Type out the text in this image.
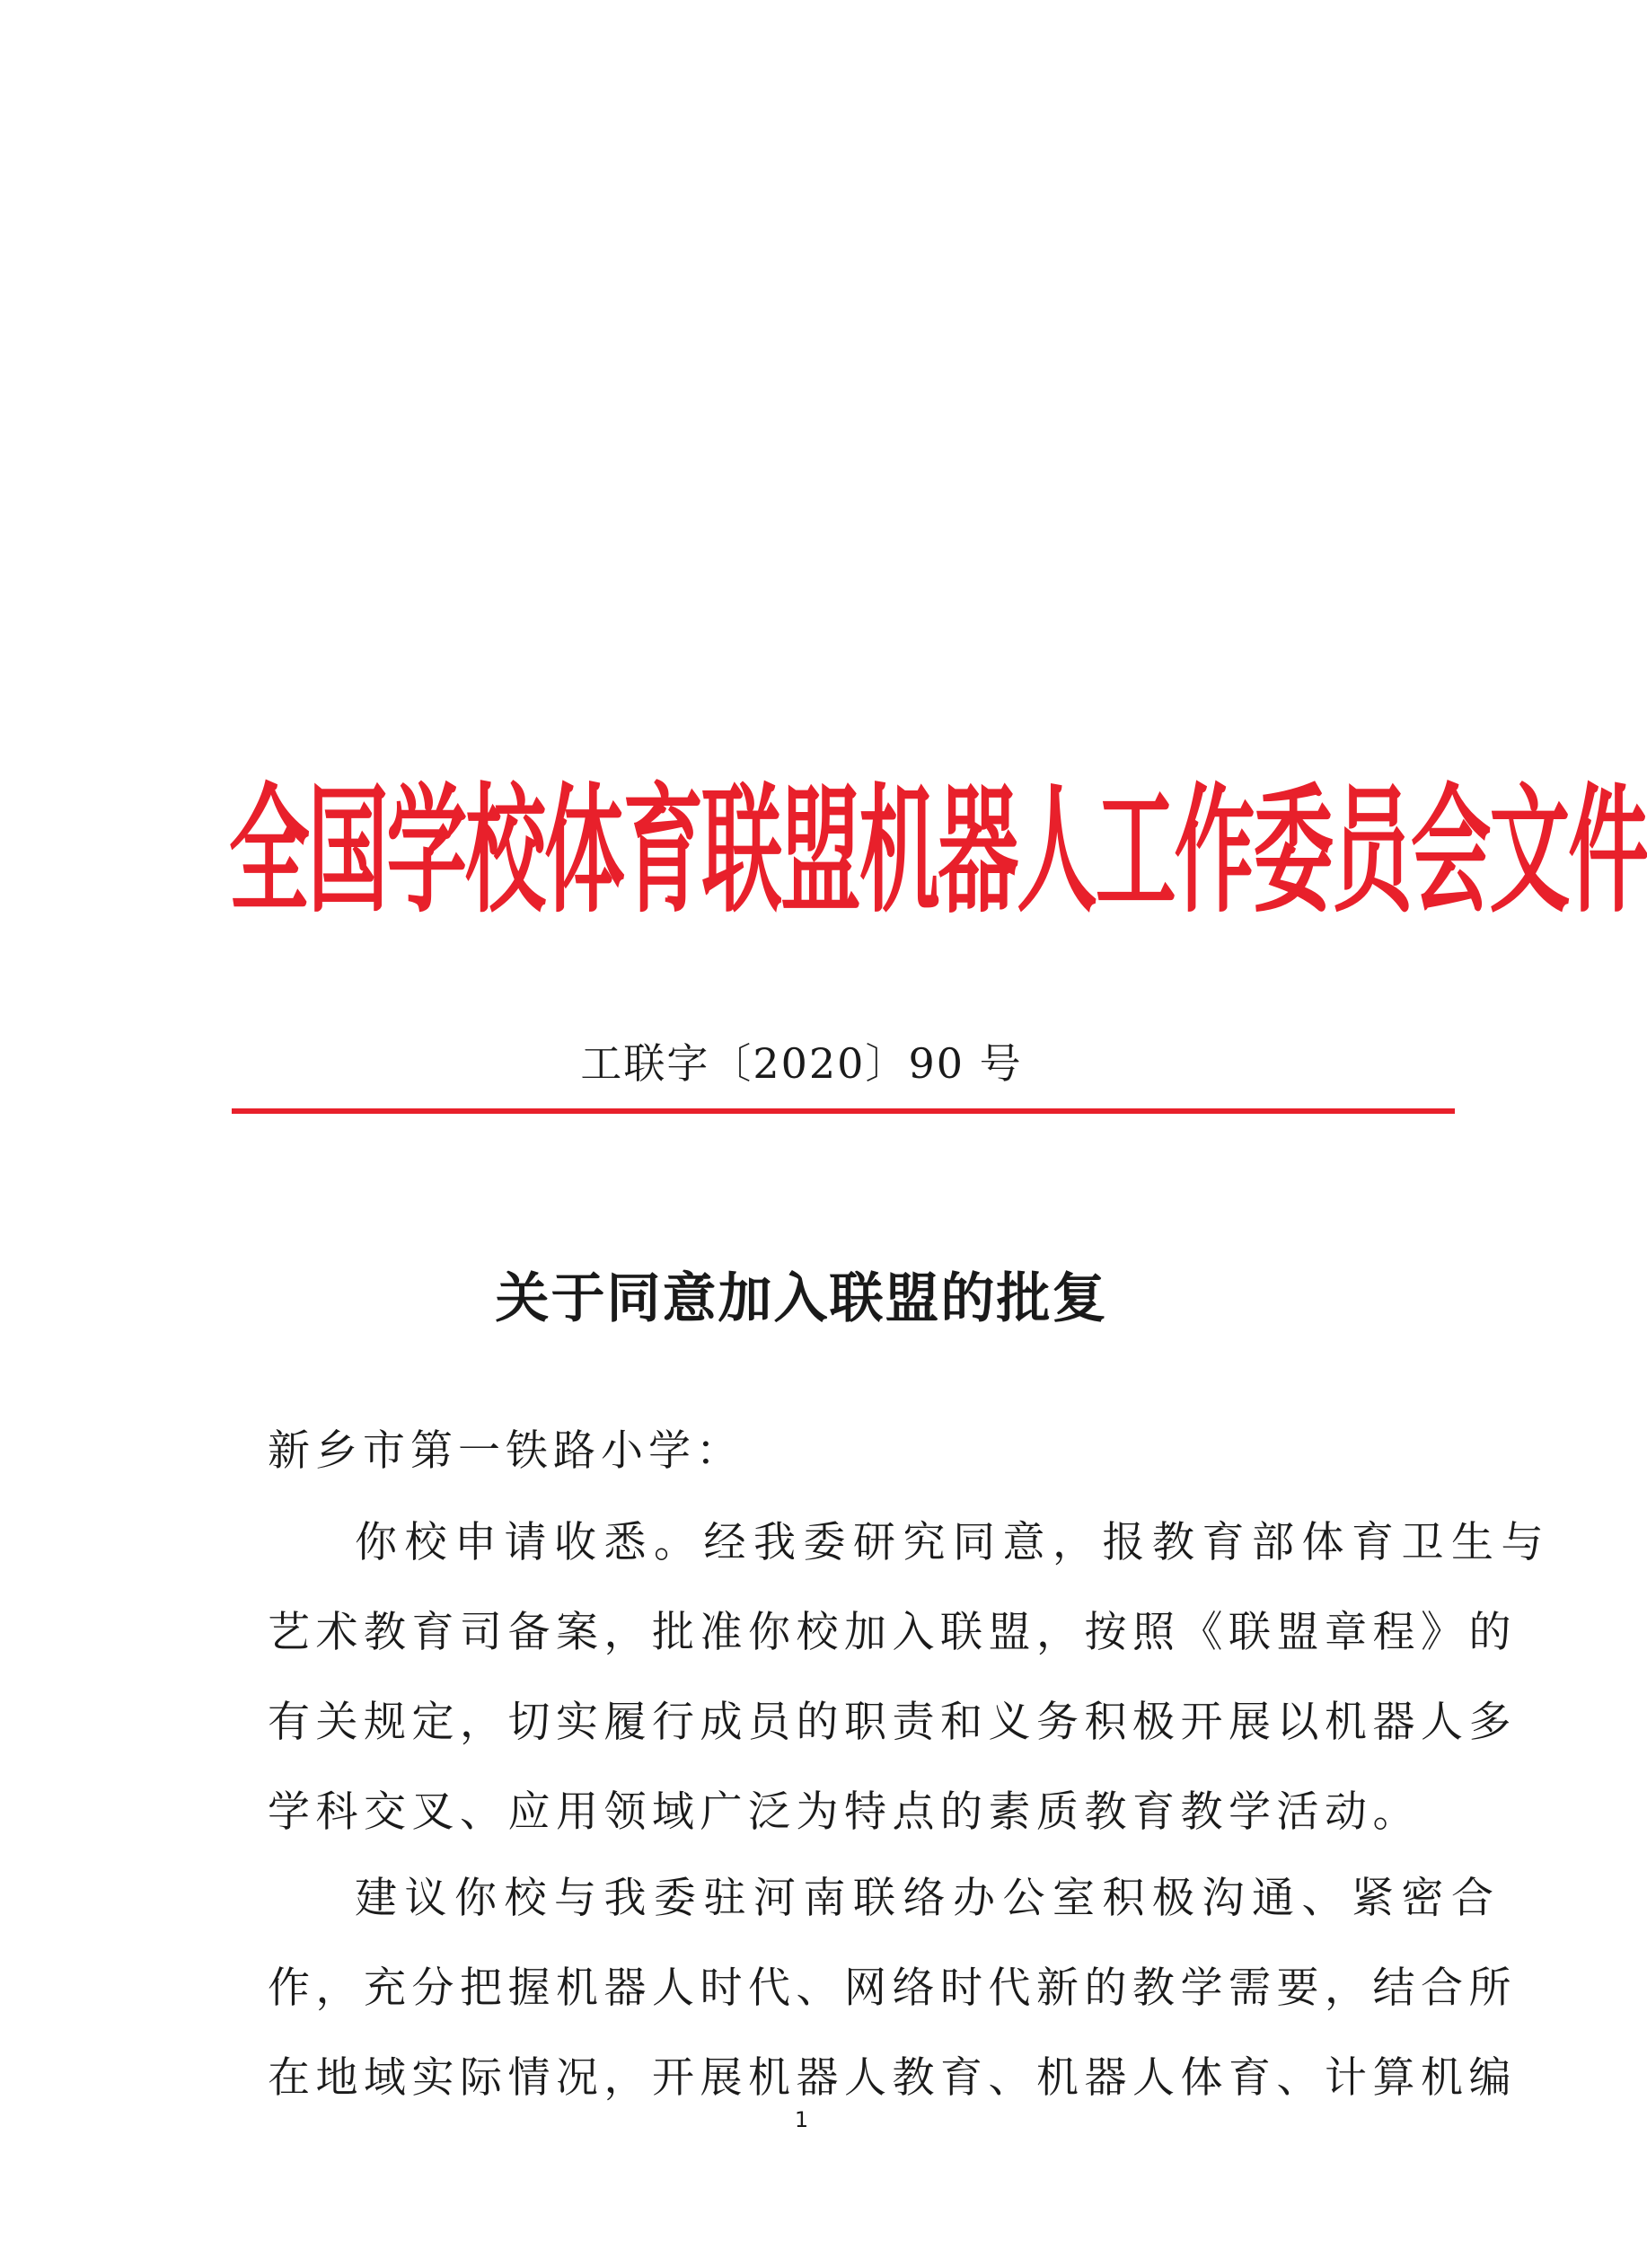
全国学校体育联盟机器人工作委员会文件
工联字〔2020〕90 号
关于同意加入联盟的批复
新乡市第一铁路小学：
你校申请收悉。经我委研究同意，报教育部体育卫生与
艺术教育司备案，批准你校加入联盟，按照《联盟章程》的
有关规定，切实履行成员的职责和义务积极开展以机器人多
学科交叉、应用领域广泛为特点的素质教育教学活动。
建议你校与我委驻河南联络办公室积极沟通、紧密合
作，充分把握机器人时代、网络时代新的教学需要，结合所
在地域实际情况，开展机器人教育、机器人体育、计算机编
1
